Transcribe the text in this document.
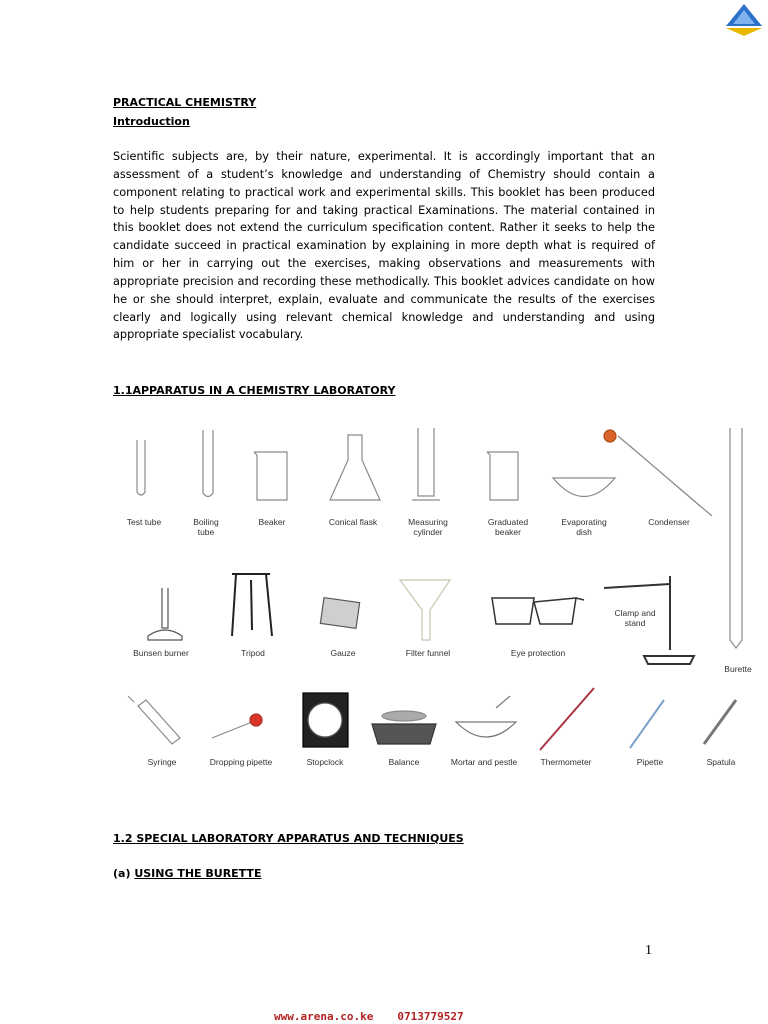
PRACTICAL CHEMISTRY
Introduction
Scientific subjects are, by their nature, experimental. It is accordingly important that an assessment of a student’s knowledge and understanding of Chemistry should contain a component relating to practical work and experimental skills. This booklet has been produced to help students preparing for and taking practical Examinations. The material contained in this booklet does not extend the curriculum specification content. Rather it seeks to help the candidate succeed in practical examination by explaining in more depth what is required of him or her in carrying out the exercises, making observations and measurements with appropriate precision and recording these methodically. This booklet advices candidate on how he or she should interpret, explain, evaluate and communicate the results of the exercises clearly and logically using relevant chemical knowledge and understanding and using appropriate specialist vocabulary.
1.1APPARATUS IN A CHEMISTRY LABORATORY
Test tube	Boiling
tube
Beaker	Conical flask	Measuring
cylinder
Graduated
beaker
Evaporating
dish
Condenser
Bunsen burner	Tripod	Gauze	Filter funnel	Eye protection
Clamp and
stand
Burette
Syringe	Dropping pipette	Stopclock	Balance	Mortar and pestle	Thermometer	Pipette	Spatula
1.2 SPECIAL LABORATORY APPARATUS AND TECHNIQUES
(a) USING THE BURETTE
1
www.arena.co.ke 0713779527
